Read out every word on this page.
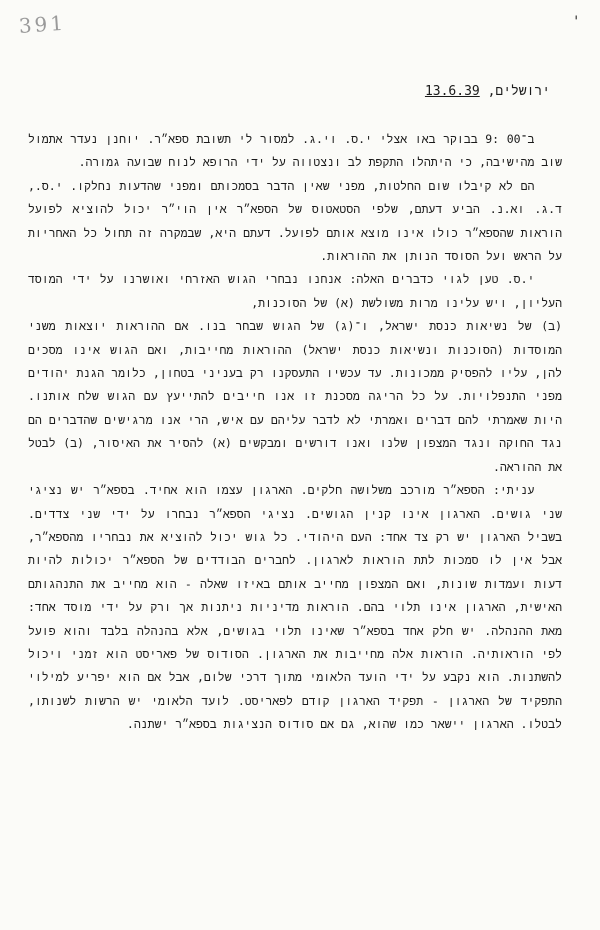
391	'
ירושלים, 13.6.39

ב־00 :9 בבוקר באו אצלי י.ס. וי.ג. למסור לי תשובת ספא״ר. יוחנן נעדר אתמול שוב מהישיבה, כי היתהלו התקפת לב ונצטווה על ידי הרופא לנוח שבועה גמורה.

הם לא קיבלו שום החלטות, מפני שאין הדבר בסמכותם ומפני שהדעות נחלקו. י.ס., ד.ג. וא.נ. הביע דעתם, שלפי הסטאטוס של הספא״ר אין הוי״ר יכול להוציא לפועל הוראות שהספא״ר כולו אינו מוצא אותם לפועל. דעתם היא, שבמקרה זה תחול כל האחריות על הראש ועל הסוסד הנותן את ההוראות.

י.ס. טען לגוי כדברים האלה: אנחנו נבחרי הגוש האזרחי ואושרנו על ידי המוסד העליון, ויש עלינו מרות משולשת (א) של הסוכנות,

(ב) של נשיאות כנסת ישראל, ו־(ג) של הגוש שבחר בנו. אם ההוראות יוצאות משני המוסדות (הסוכנות ונשיאות כנסת ישראל) ההוראות מחייבות, ואם הגוש אינו מסכים להן, עליו להפסיק ממכונות. עד עכשיו התעסקנו רק בעניני בטחון, כלומר הגנת יהודים מפני התנפלויות. על כל הריגה מסכנת זו אנו חייבים להתייעץ עם הגוש שלח אותנו. היות שאמרתי להם דברים ואמרתי לא לדבר עליהם עם איש, הרי אנו מרגישים שהדברים הם נגד החוקה ונגד המצפון שלנו ואנו דורשים ומבקשים (א) להסיר את האיסור, (ב) לבטל את ההוראה.

עניתי: הספא״ר מורכב משלושה חלקים. הארגון עצמו הוא אחיד. בספא״ר יש נציגי שני גושים. הארגון אינו קנין הגושים. נציגי הספא״ר נבחרו על ידי שני צדדים. בשביל הארגון יש רק צד אחד: העם היהודי. כל גוש יכול להוציא את נבחריו מהספא״ר, אבל אין לו סמכות לתת הוראות לארגון. לחברים הבודדים של הספא״ר יכולות להיות דעות ועמדות שונות, ואם המצפון מחייב אותם באיזו שאלה - הוא מחייב את התנהגותם האישית, הארגון אינו תלוי בהם. הוראות מדיניות ניתנות אך ורק על ידי מוסד אחד: מאת ההנהלה. יש חלק אחד בספא״ר שאינו תלוי בגושים, אלא בהנהלה בלבד והוא פועל לפי הוראותיה. הוראות אלה מחייבות את הארגון. הסודוס של פאריסט הוא זמני ויכול להשתנות. הוא נקבע על ידי הועד הלאומי מתוך דרכי שלום, אבל אם הוא יפריע למילוי התפקיד של הארגון - תפקיד הארגון קודם לפאריסט. לועד הלאומי יש הרשות לשנותו, לבטלו. הארגון יישאר כמו שהוא, גם אם סודוס הנציגות בספא״ר ישתנה.
